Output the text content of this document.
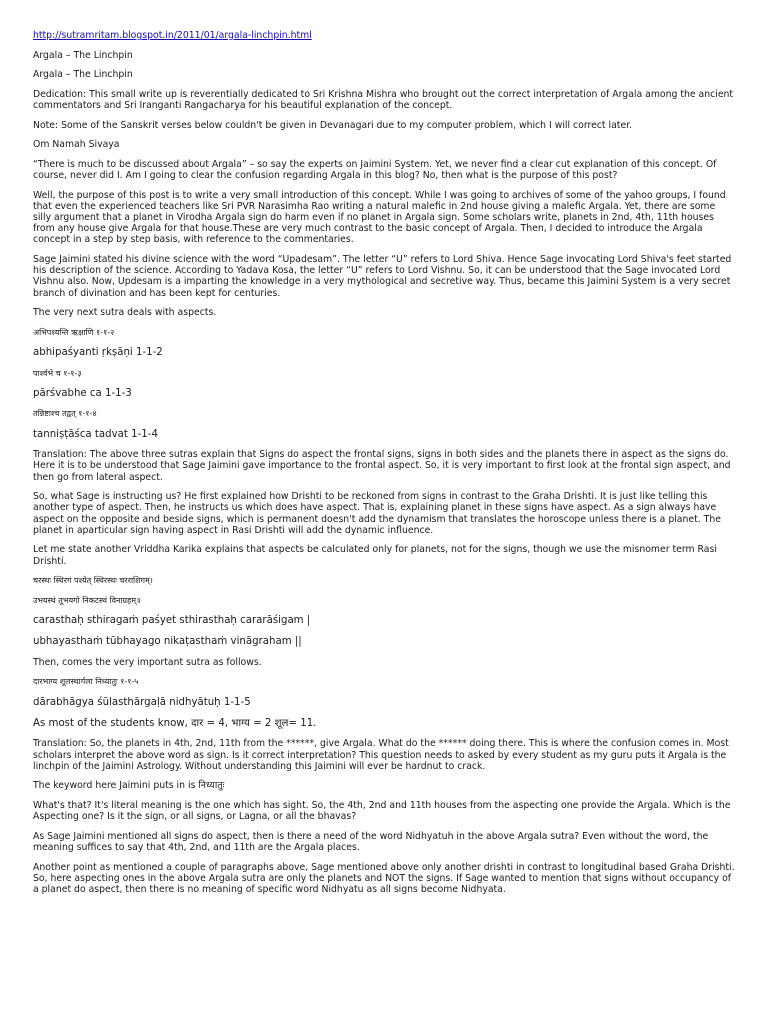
http://sutramritam.blogspot.in/2011/01/argala-linchpin.html

Argala – The Linchpin

Argala – The Linchpin

Dedication: This small write up is reverentially dedicated to Sri Krishna Mishra who brought out the correct interpretation of Argala among the ancient commentators and Sri Iranganti Rangacharya for his beautiful explanation of the concept.

Note: Some of the Sanskrit verses below couldn't be given in Devanagari due to my computer problem, which I will correct later.

Om Namah Sivaya

“There is much to be discussed about Argala” – so say the experts on Jaimini System. Yet, we never find a clear cut explanation of this concept. Of course, never did I. Am I going to clear the confusion regarding Argala in this blog? No, then what is the purpose of this post?

Well, the purpose of this post is to write a very small introduction of this concept. While I was going to archives of some of the yahoo groups, I found that even the experienced teachers like Sri PVR Narasimha Rao writing a natural malefic in 2nd house giving a malefic Argala. Yet, there are some silly argument that a planet in Virodha Argala sign do harm even if no planet in Argala sign. Some scholars write, planets in 2nd, 4th, 11th houses from any house give Argala for that house.These are very much contrast to the basic concept of Argala. Then, I decided to introduce the Argala concept in a step by step basis, with reference to the commentaries.

Sage Jaimini stated his divine science with the word “Upadesam”. The letter “U” refers to Lord Shiva. Hence Sage invocating Lord Shiva's feet started his description of the science. According to Yadava Kosa, the letter “U” refers to Lord Vishnu. So, it can be understood that the Sage invocated Lord Vishnu also. Now, Updesam is a imparting the knowledge in a very mythological and secretive way. Thus, became this Jaimini System is a very secret branch of divination and has been kept for centuries.

The very next sutra deals with aspects.

अभिपश्यन्ति ऋक्षाणि १-१-२

abhipaśyanti ṛkṣāṇi 1-1-2

पार्श्वभे च १-१-३

pārśvabhe ca 1-1-3

तन्निष्टाश्च तद्वत् १-१-४

tanniṣṭāśca tadvat 1-1-4

Translation: The above three sutras explain that Signs do aspect the frontal signs, signs in both sides and the planets there in aspect as the signs do. Here it is to be understood that Sage Jaimini gave importance to the frontal aspect. So, it is very important to first look at the frontal sign aspect, and then go from lateral aspect.

So, what Sage is instructing us? He first explained how Drishti to be reckoned from signs in contrast to the Graha Drishti. It is just like telling this another type of aspect. Then, he instructs us which does have aspect. That is, explaining planet in these signs have aspect. As a sign always have aspect on the opposite and beside signs, which is permanent doesn't add the dynamism that translates the horoscope unless there is a planet. The planet in aparticular sign having aspect in Rasi Drishti will add the dynamic influence.

Let me state another Vriddha Karika explains that aspects be calculated only for planets, not for the signs, though we use the misnomer term Rasi Drishti.

चरस्थः स्थिरगं पश्येत् स्थिरस्थः चरराशिगम्।

उभयस्थं तूभयगो निकटस्थं विनाग्रहम्॥

carasthaḥ sthiragaṁ paśyet sthirasthaḥ cararāśigam |

ubhayasthaṁ tūbhayago nikaṭasthaṁ vināgraham ||

Then, comes the very important sutra as follows.

दारभाग्य शूलस्थार्गला निध्यातुः १-१-५

dārabhāgya śūlasthārgaḷā nidhyātuḥ 1-1-5

As most of the students know, दार = 4, भाग्य = 2 शूल= 11.

Translation: So, the planets in 4th, 2nd, 11th from the ******, give Argala. What do the ****** doing there. This is where the confusion comes in. Most scholars interpret the above word as sign. Is it correct interpretation? This question needs to asked by every student as my guru puts it Argala is the linchpin of the Jaimini Astrology. Without understanding this Jaimini will ever be hardnut to crack.

The keyword here Jaimini puts in is निध्यातुः

What's that? It's literal meaning is the one which has sight. So, the 4th, 2nd and 11th houses from the aspecting one provide the Argala. Which is the Aspecting one? Is it the sign, or all signs, or Lagna, or all the bhavas?

As Sage Jaimini mentioned all signs do aspect, then is there a need of the word Nidhyatuh in the above Argala sutra? Even without the word, the meaning suffices to say that 4th, 2nd, and 11th are the Argala places.

Another point as mentioned a couple of paragraphs above, Sage mentioned above only another drishti in contrast to longitudinal based Graha Drishti. So, here aspecting ones in the above Argala sutra are only the planets and NOT the signs. If Sage wanted to mention that signs without occupancy of a planet do aspect, then there is no meaning of specific word Nidhyatu as all signs become Nidhyata.
